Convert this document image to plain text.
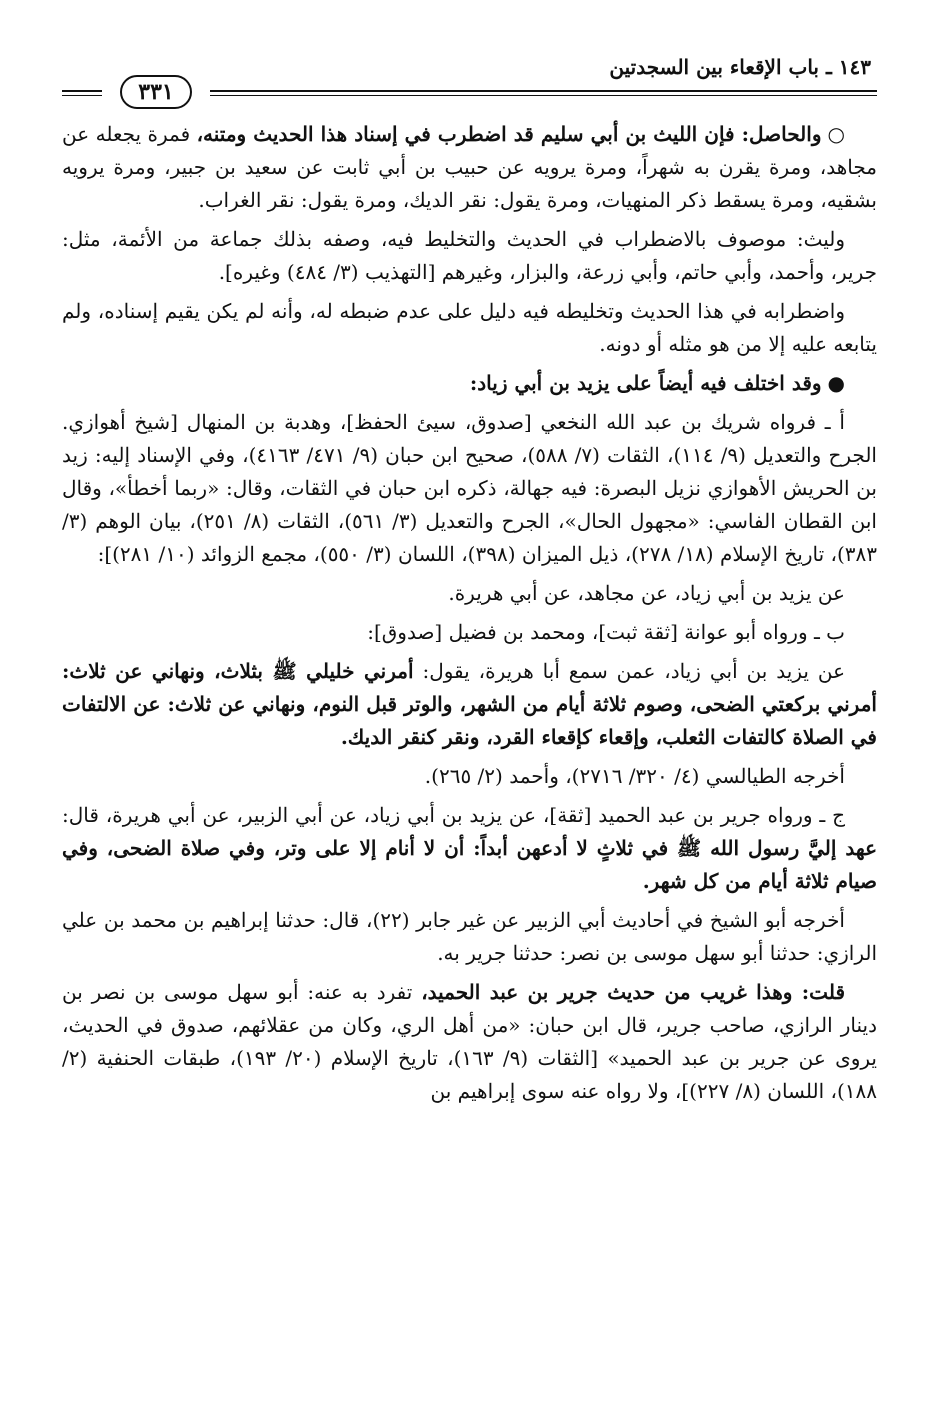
١٤٣ ـ باب الإقعاء بين السجدتين
٣٣١

○والحاصل: فإن الليث بن أبي سليم قد اضطرب في إسناد هذا الحديث ومتنه، فمرة يجعله عن مجاهد، ومرة يقرن به شهراً، ومرة يرويه عن حبيب بن أبي ثابت عن سعيد بن جبير، ومرة يرويه بشقيه، ومرة يسقط ذكر المنهيات، ومرة يقول: نقر الديك، ومرة يقول: نقر الغراب.

وليث: موصوف بالاضطراب في الحديث والتخليط فيه، وصفه بذلك جماعة من الأئمة، مثل: جرير، وأحمد، وأبي حاتم، وأبي زرعة، والبزار، وغيرهم [التهذيب (٣/ ٤٨٤) وغيره].

واضطرابه في هذا الحديث وتخليطه فيه دليل على عدم ضبطه له، وأنه لم يكن يقيم إسناده، ولم يتابعه عليه إلا من هو مثله أو دونه.

●وقد اختلف فيه أيضاً على يزيد بن أبي زياد:

أ ـ فرواه شريك بن عبد الله النخعي [صدوق، سيئ الحفظ]، وهدبة بن المنهال [شيخ أهوازي. الجرح والتعديل (٩/ ١١٤)، الثقات (٧/ ٥٨٨)، صحيح ابن حبان (٩/ ٤٧١/ ٤١٦٣)، وفي الإسناد إليه: زيد بن الحريش الأهوازي نزيل البصرة: فيه جهالة، ذكره ابن حبان في الثقات، وقال: «ربما أخطأ»، وقال ابن القطان الفاسي: «مجهول الحال»، الجرح والتعديل (٣/ ٥٦١)، الثقات (٨/ ٢٥١)، بيان الوهم (٣/ ٣٨٣)، تاريخ الإسلام (١٨/ ٢٧٨)، ذيل الميزان (٣٩٨)، اللسان (٣/ ٥٥٠)، مجمع الزوائد (١٠/ ٢٨١)]:

عن يزيد بن أبي زياد، عن مجاهد، عن أبي هريرة.

ب ـ ورواه أبو عوانة [ثقة ثبت]، ومحمد بن فضيل [صدوق]:

عن يزيد بن أبي زياد، عمن سمع أبا هريرة، يقول: أمرني خليلي ﷺ بثلاث، ونهاني عن ثلاث: أمرني بركعتي الضحى، وصوم ثلاثة أيام من الشهر، والوتر قبل النوم، ونهاني عن ثلاث: عن الالتفات في الصلاة كالتفات الثعلب، وإقعاء كإقعاء القرد، ونقر كنقر الديك.

أخرجه الطيالسي (٤/ ٣٢٠/ ٢٧١٦)، وأحمد (٢/ ٢٦٥).

ج ـ ورواه جرير بن عبد الحميد [ثقة]، عن يزيد بن أبي زياد، عن أبي الزبير، عن أبي هريرة، قال: عهد إليَّ رسول الله ﷺ في ثلاثٍ لا أدعهن أبداً: أن لا أنام إلا على وتر، وفي صلاة الضحى، وفي صيام ثلاثة أيام من كل شهر.

أخرجه أبو الشيخ في أحاديث أبي الزبير عن غير جابر (٢٢)، قال: حدثنا إبراهيم بن محمد بن علي الرازي: حدثنا أبو سهل موسى بن نصر: حدثنا جرير به.

قلت: وهذا غريب من حديث جرير بن عبد الحميد، تفرد به عنه: أبو سهل موسى بن نصر بن دينار الرازي، صاحب جرير، قال ابن حبان: «من أهل الري، وكان من عقلائهم، صدوق في الحديث، يروى عن جرير بن عبد الحميد» [الثقات (٩/ ١٦٣)، تاريخ الإسلام (٢٠/ ١٩٣)، طبقات الحنفية (٢/ ١٨٨)، اللسان (٨/ ٢٢٧)]، ولا رواه عنه سوى إبراهيم بن
